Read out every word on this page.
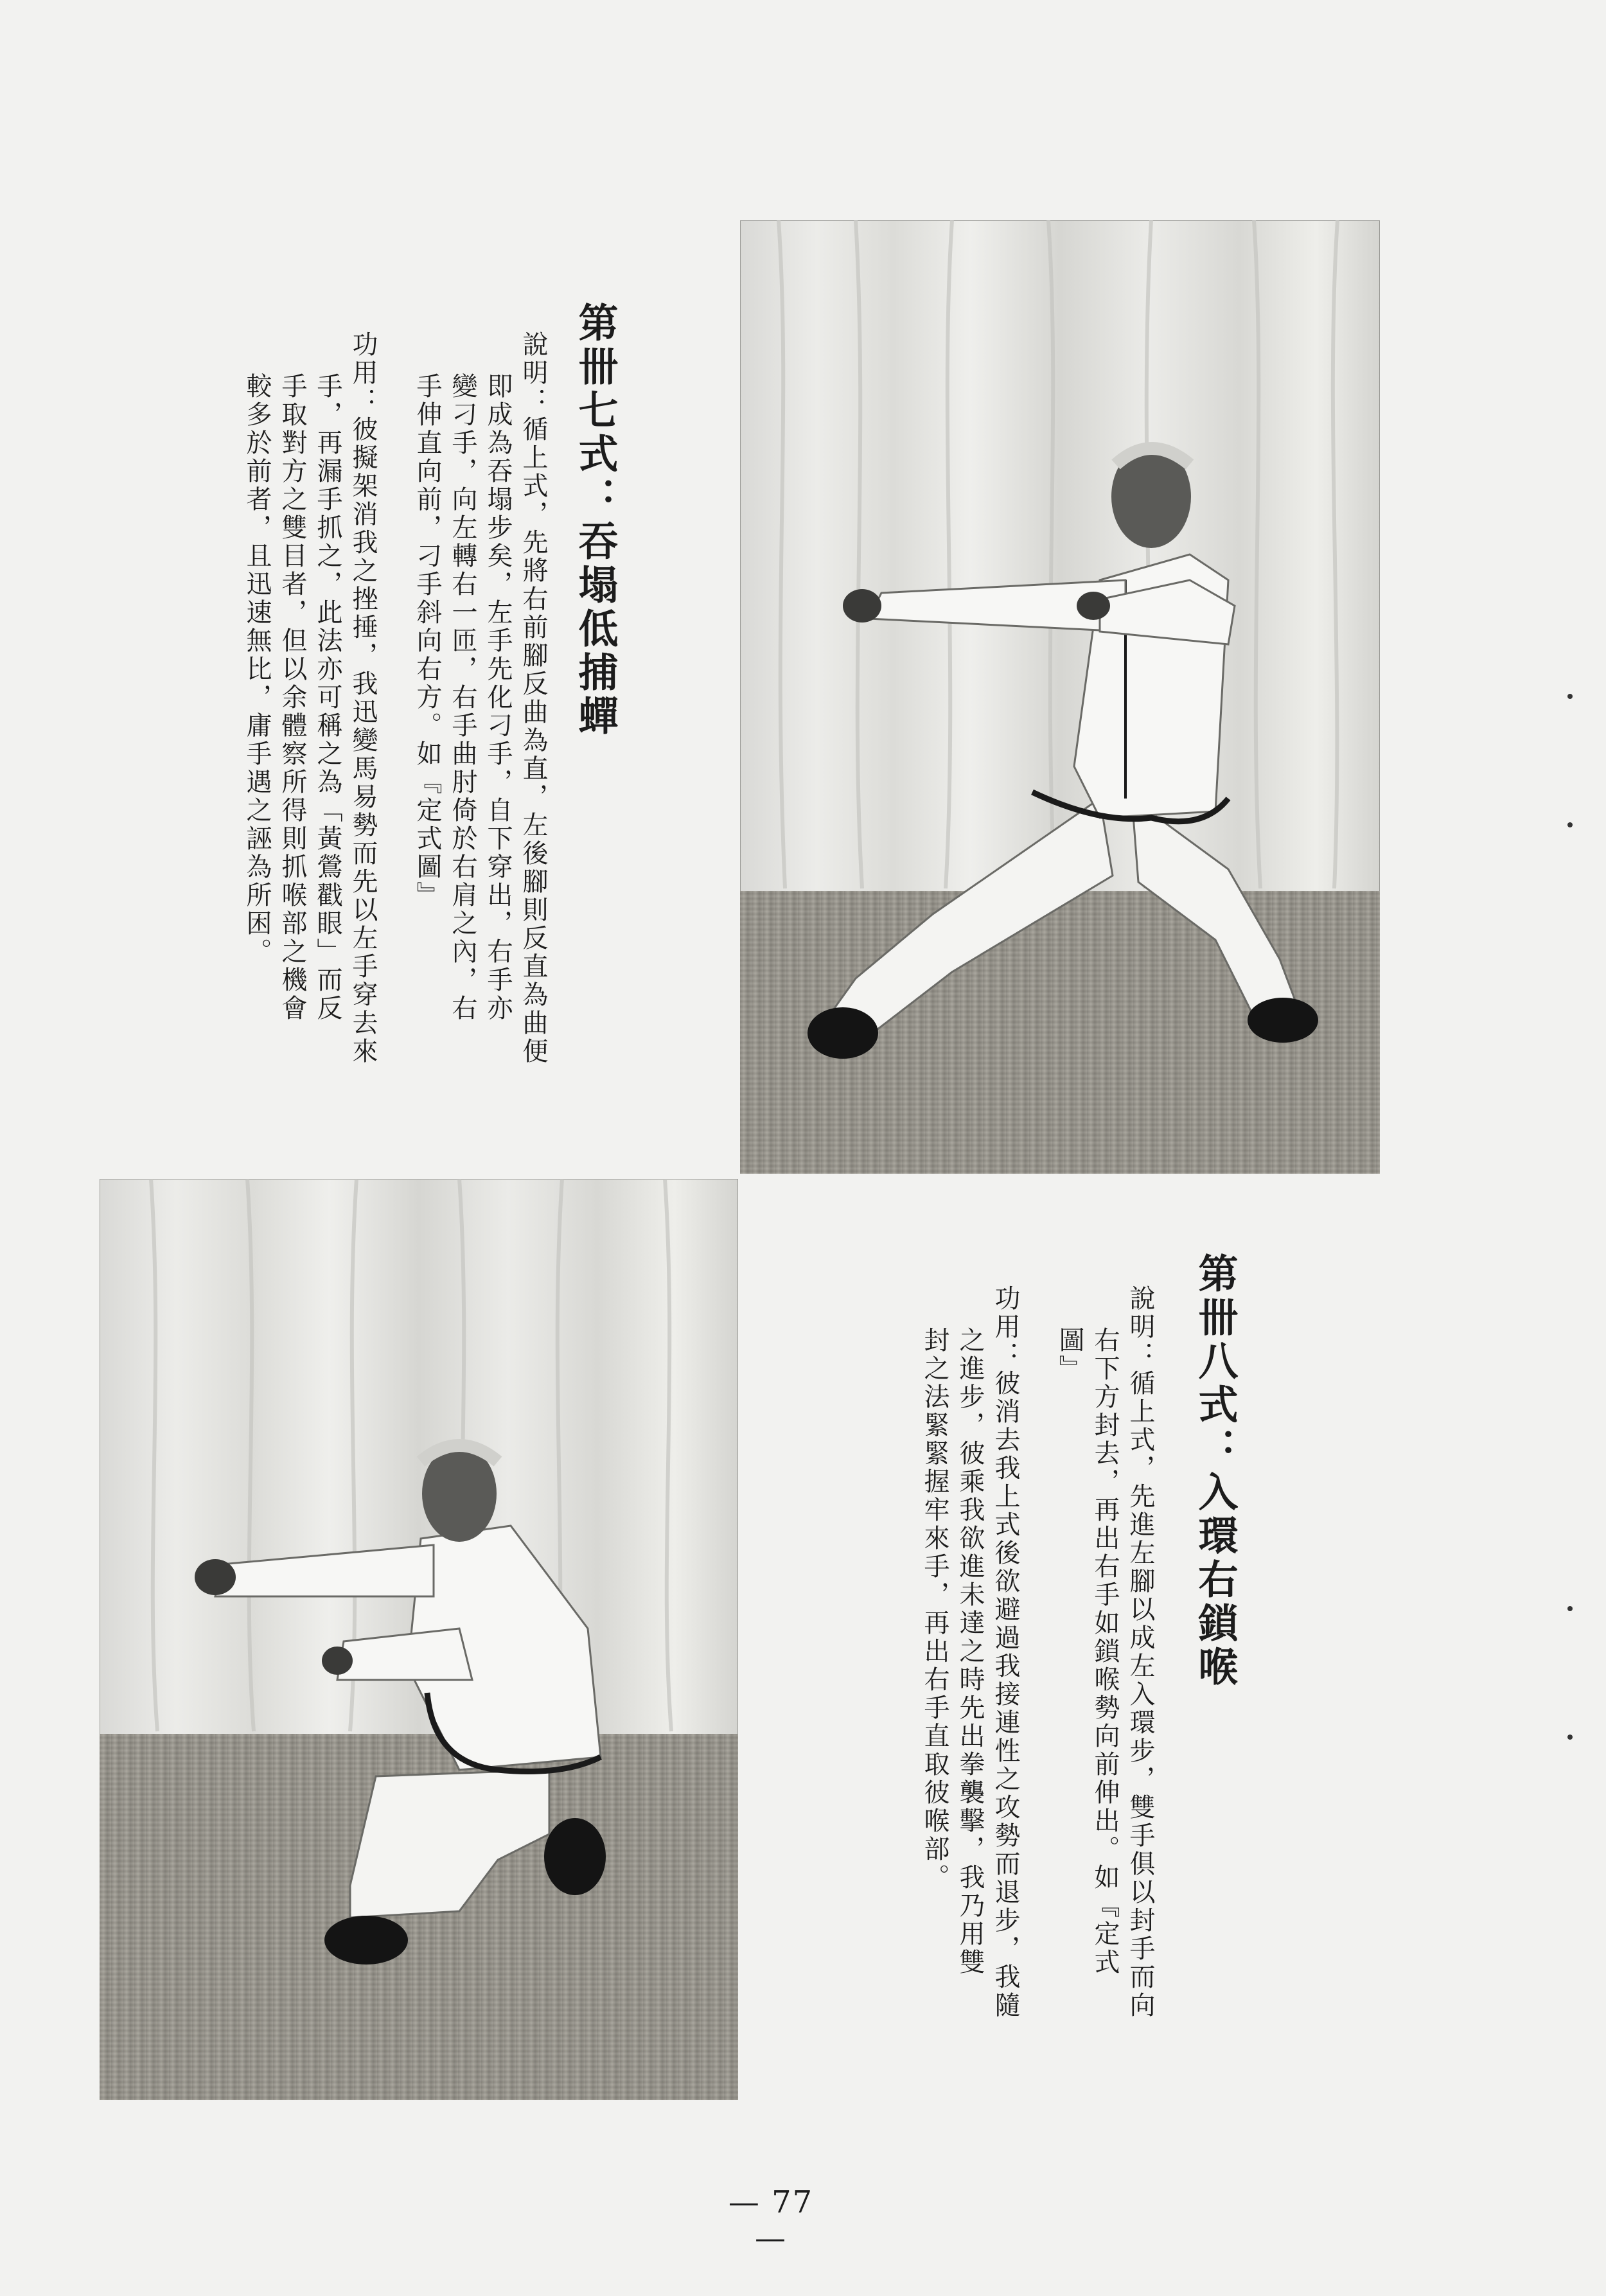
第卌七式：吞塌低捕蟬

說明：循上式，先將右前腳反曲為直，左後腳則反直為曲便

即成為吞塌步矣，左手先化刁手，自下穿出，右手亦

變刁手，向左轉右一匝，右手曲肘倚於右肩之內，右

手伸直向前，刁手斜向右方。如『定式圖』

功用：彼擬架消我之挫捶，我迅變馬易勢而先以左手穿去來

手，再漏手抓之，此法亦可稱之為「黃鶯戳眼」而反

手取對方之雙目者，但以余體察所得則抓喉部之機會

較多於前者，且迅速無比，庸手遇之誣為所困。

第卌八式：入環右鎖喉

說明：循上式，先進左腳以成左入環步，雙手俱以封手而向

右下方封去，再出右手如鎖喉勢向前伸出。如『定式

圖』

功用：彼消去我上式後欲避過我接連性之攻勢而退步，我隨

之進步，彼乘我欲進未達之時先出拳襲擊，我乃用雙

封之法緊緊握牢來手，再出右手直取彼喉部。

— 77 —
